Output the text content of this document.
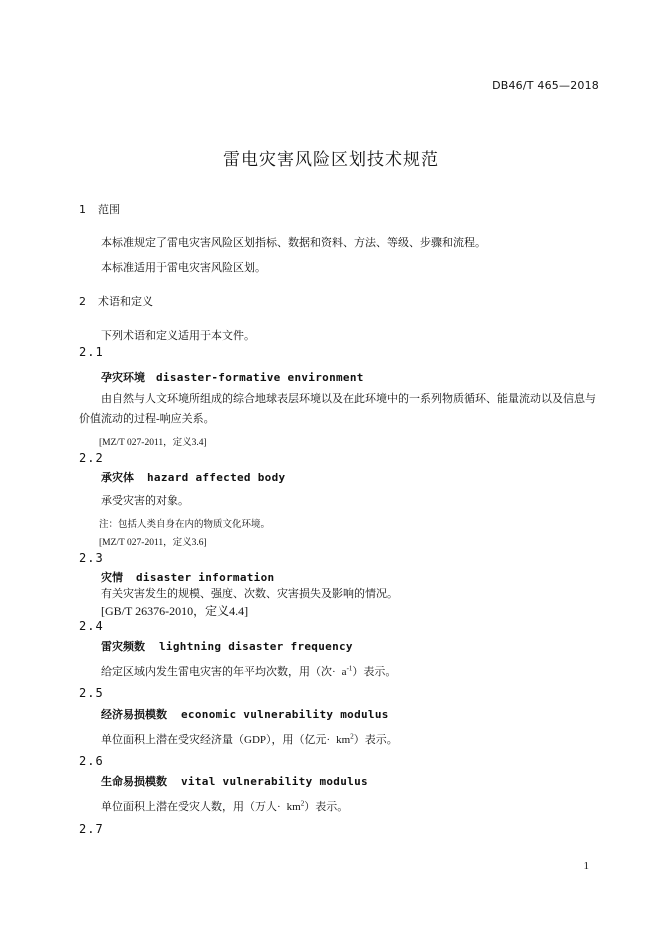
DB46/T 465—2018
雷电灾害风险区划技术规范
1 范围
本标准规定了雷电灾害风险区划指标、数据和资料、方法、等级、步骤和流程。
本标准适用于雷电灾害风险区划。
2 术语和定义
下列术语和定义适用于本文件。
2.1
孕灾环境 disaster-formative environment
由自然与人文环境所组成的综合地球表层环境以及在此环境中的一系列物质循环、能量流动以及信息与价值流动的过程-响应关系。
[MZ/T 027-2011，定义3.4]
2.2
承灾体 hazard affected body
承受灾害的对象。
注：包括人类自身在内的物质文化环境。
[MZ/T 027-2011，定义3.6]
2.3
灾情 disaster information
有关灾害发生的规模、强度、次数、灾害损失及影响的情况。
[GB/T 26376-2010，定义4.4]
2.4
雷灾频数 lightning disaster frequency
给定区域内发生雷电灾害的年平均次数，用（次· $a^{-1}$）表示。
2.5
经济易损模数 economic vulnerability modulus
单位面积上潜在受灾经济量（GDP），用（亿元· $km^2$）表示。
2.6
生命易损模数 vital vulnerability modulus
单位面积上潜在受灾人数，用（万人· $km^2$）表示。
2.7
1
